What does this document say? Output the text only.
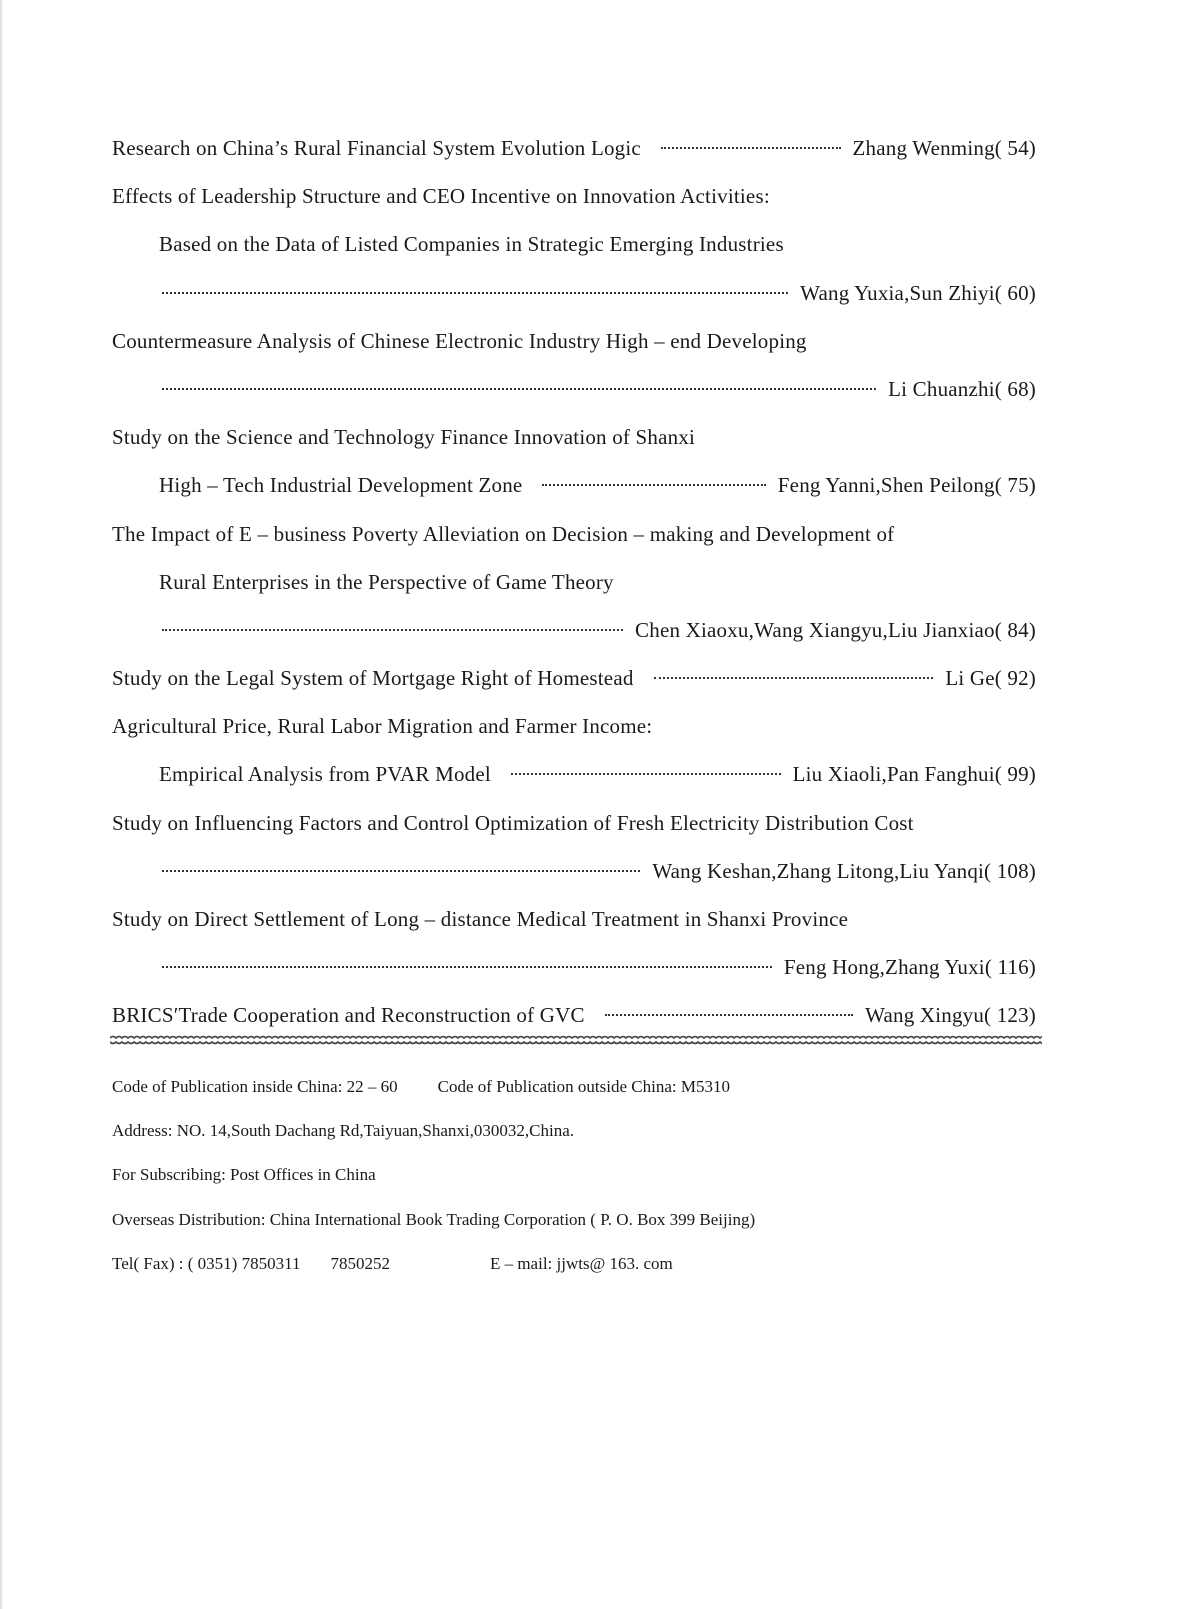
Research on China’s Rural Financial System Evolution Logic	Zhang Wenming( 54)
Effects of Leadership Structure and CEO Incentive on Innovation Activities:
Based on the Data of Listed Companies in Strategic Emerging Industries
Wang Yuxia,Sun Zhiyi( 60)
Countermeasure Analysis of Chinese Electronic Industry High – end Developing
Li Chuanzhi( 68)
Study on the Science and Technology Finance Innovation of Shanxi
High – Tech Industrial Development Zone	Feng Yanni,Shen Peilong( 75)
The Impact of E – business Poverty Alleviation on Decision – making and Development of
Rural Enterprises in the Perspective of Game Theory
Chen Xiaoxu,Wang Xiangyu,Liu Jianxiao( 84)
Study on the Legal System of Mortgage Right of Homestead	Li Ge( 92)
Agricultural Price, Rural Labor Migration and Farmer Income:
Empirical Analysis from PVAR Model	Liu Xiaoli,Pan Fanghui( 99)
Study on Influencing Factors and Control Optimization of Fresh Electricity Distribution Cost
Wang Keshan,Zhang Litong,Liu Yanqi( 108)
Study on Direct Settlement of Long – distance Medical Treatment in Shanxi Province
Feng Hong,Zhang Yuxi( 116)
BRICS′Trade Cooperation and Reconstruction of GVC	Wang Xingyu( 123)
Code of Publication inside China: 22 – 60 Code of Publication outside China: M5310
Address: NO. 14,South Dachang Rd,Taiyuan,Shanxi,030032,China.
For Subscribing: Post Offices in China
Overseas Distribution: China International Book Trading Corporation ( P. O. Box 399 Beijing)
Tel( Fax) : ( 0351) 7850311 7850252	E – mail: jjwts@ 163. com
